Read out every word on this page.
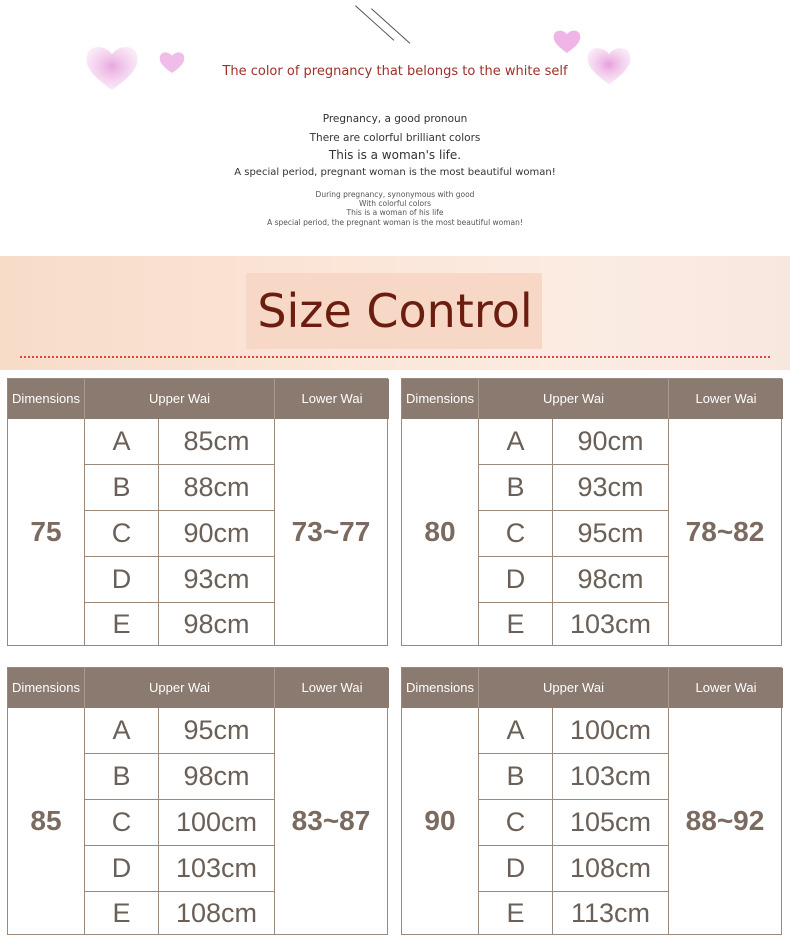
The color of pregnancy that belongs to the white self
Pregnancy, a good pronoun
There are colorful brilliant colors
This is a woman's life.
A special period, pregnant woman is the most beautiful woman!
During pregnancy, synonymous with good
With colorful colors
This is a woman of his life
A special period, the pregnant woman is the most beautiful woman!
Size Control
Dimensions	Upper Wai	Lower Wai
75
A	85cm
B	88cm
C	90cm
D	93cm
E	98cm
73~77
Dimensions	Upper Wai	Lower Wai
80
A	90cm
B	93cm
C	95cm
D	98cm
E	103cm
78~82
Dimensions	Upper Wai	Lower Wai
85
A	95cm
B	98cm
C	100cm
D	103cm
E	108cm
83~87
Dimensions	Upper Wai	Lower Wai
90
A	100cm
B	103cm
C	105cm
D	108cm
E	113cm
88~92
